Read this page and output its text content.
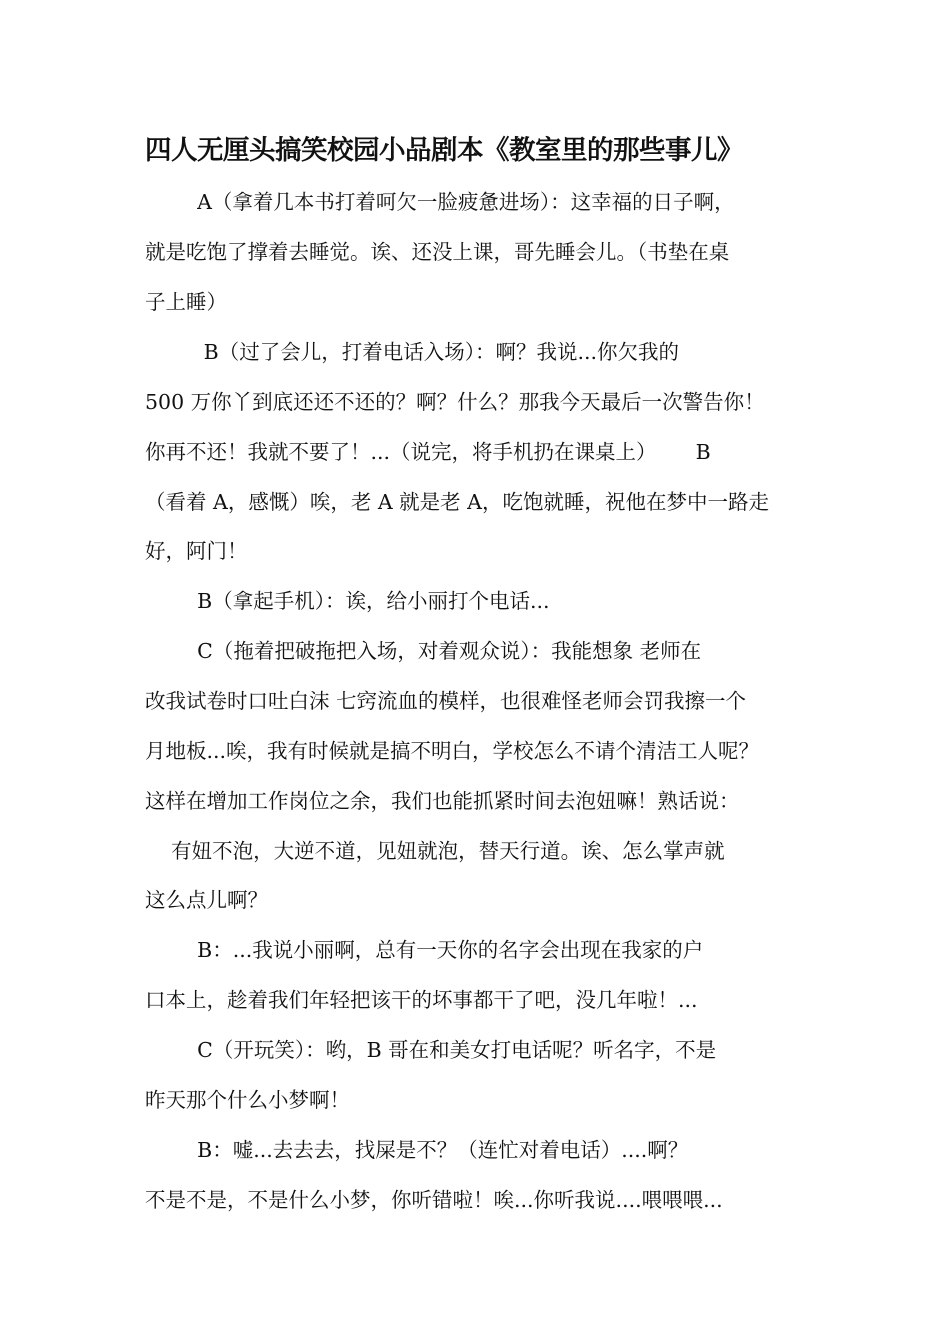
四人无厘头搞笑校园小品剧本《教室里的那些事儿》

A（拿着几本书打着呵欠一脸疲惫进场）：这幸福的日子啊，

就是吃饱了撑着去睡觉。诶、还没上课，哥先睡会儿。（书垫在桌

子上睡）

B（过了会儿，打着电话入场）：啊？我说...你欠我的

500 万你丫到底还还不还的？啊？什么？那我今天最后一次警告你！

你再不还！我就不要了！...（说完，将手机扔在课桌上）      B

（看着 A，感慨）唉，老 A 就是老 A，吃饱就睡，祝他在梦中一路走

好，阿门！

B（拿起手机）：诶，给小丽打个电话...

C（拖着把破拖把入场，对着观众说）：我能想象 老师在

改我试卷时口吐白沫 七窍流血的模样，也很难怪老师会罚我擦一个

月地板...唉，我有时候就是搞不明白，学校怎么不请个清洁工人呢？

这样在增加工作岗位之余，我们也能抓紧时间去泡妞嘛！熟话说：

有妞不泡，大逆不道，见妞就泡，替天行道。诶、怎么掌声就

这么点儿啊？

B：...我说小丽啊，总有一天你的名字会出现在我家的户

口本上，趁着我们年轻把该干的坏事都干了吧，没几年啦！...

C（开玩笑）：哟，B 哥在和美女打电话呢？听名字，不是

昨天那个什么小梦啊！

B：嘘...去去去，找屎是不？（连忙对着电话）....啊？

不是不是，不是什么小梦，你听错啦！唉...你听我说....喂喂喂...
